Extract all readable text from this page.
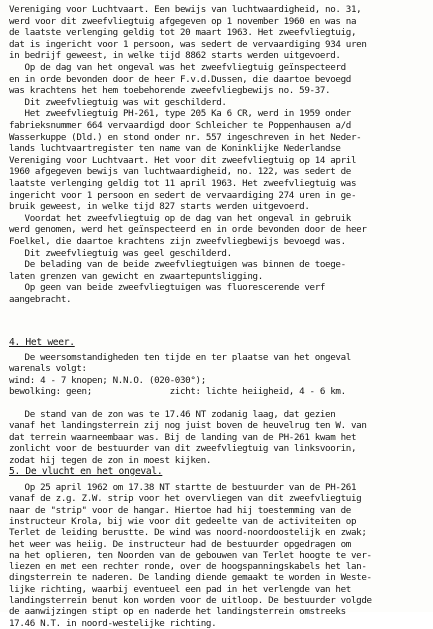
Vereniging voor Luchtvaart. Een bewijs van luchtwaardigheid, no. 31,

werd voor dit zweefvliegtuig afgegeven op 1 november 1960 en was na

de laatste verlenging geldig tot 20 maart 1963. Het zweefvliegtuig,

dat is ingericht voor 1 persoon, was sedert de vervaardiging 934 uren

in bedrijf geweest, in welke tijd 8862 starts werden uitgevoerd.

Op de dag van het ongeval was het zweefvliegtuig geïnspecteerd

en in orde bevonden door de heer F.v.d.Dussen, die daartoe bevoegd

was krachtens het hem toebehorende zweefvliegbewijs no. 59-37.

Dit zweefvliegtuig was wit geschilderd.

Het zweefvliegtuig PH-261, type 205 Ka 6 CR, werd in 1959 onder

fabrieksnummer 664 vervaardigd door Schleicher te Poppenhausen a/d

Wasserkuppe (Dld.) en stond onder nr. 557 ingeschreven in het Neder-

lands luchtvaartregister ten name van de Koninklijke Nederlandse

Vereniging voor Luchtvaart. Het voor dit zweefvliegtuig op 14 april

1960 afgegeven bewijs van luchtwaardigheid, no. 122, was sedert de

laatste verlenging geldig tot 11 april 1963. Het zweefvliegtuig was

ingericht voor 1 persoon en sedert de vervaardiging 274 uren in ge-

bruik geweest, in welke tijd 827 starts werden uitgevoerd.

Voordat het zweefvliegtuig op de dag van het ongeval in gebruik

werd genomen, werd het geïnspecteerd en in orde bevonden door de heer

Foelkel, die daartoe krachtens zijn zweefvliegbewijs bevoegd was.

Dit zweefvliegtuig was geel geschilderd.

De belading van de beide zweefvliegtuigen was binnen de toege-

laten grenzen van gewicht en zwaartepuntsligging.

Op geen van beide zweefvliegtuigen was fluorescerende verf

aangebracht.

4. Het weer.

De weersomstandigheden ten tijde en ter plaatse van het ongeval

warenals volgt:

wind: 4 - 7 knopen; N.N.O. (020-030°);

bewolking: geen;               zicht: lichte heiigheid, 4 - 6 km.

De stand van de zon was te 17.46 NT zodanig laag, dat gezien

vanaf het landingsterrein zij nog juist boven de heuvelrug ten W. van

dat terrein waarneembaar was. Bij de landing van de PH-261 kwam het

zonlicht voor de bestuurder van dit zweefvliegtuig van linksvoorin,

zodat hij tegen de zon in moest kijken.

5. De vlucht en het ongeval.

Op 25 april 1962 om 17.38 NT startte de bestuurder van de PH-261

vanaf de z.g. Z.W. strip voor het overvliegen van dit zweefvliegtuig

naar de "strip" voor de hangar. Hiertoe had hij toestemming van de

instructeur Krola, bij wie voor dit gedeelte van de activiteiten op

Terlet de leiding berustte. De wind was noord-noordoostelijk en zwak;

het weer was heiig. De instructeur had de bestuurder opgedragen om

na het oplieren, ten Noorden van de gebouwen van Terlet hoogte te ver-

liezen en met een rechter ronde, over de hoogspanningskabels het lan-

dingsterrein te naderen. De landing diende gemaakt te worden in Weste-

lijke richting, waarbij eventueel een pad in het verlengde van het

landingsterrein benut kon worden voor de uitloop. De bestuurder volgde

de aanwijzingen stipt op en naderde het landingsterrein omstreeks

17.46 N.T. in noord-westelijke richting.
